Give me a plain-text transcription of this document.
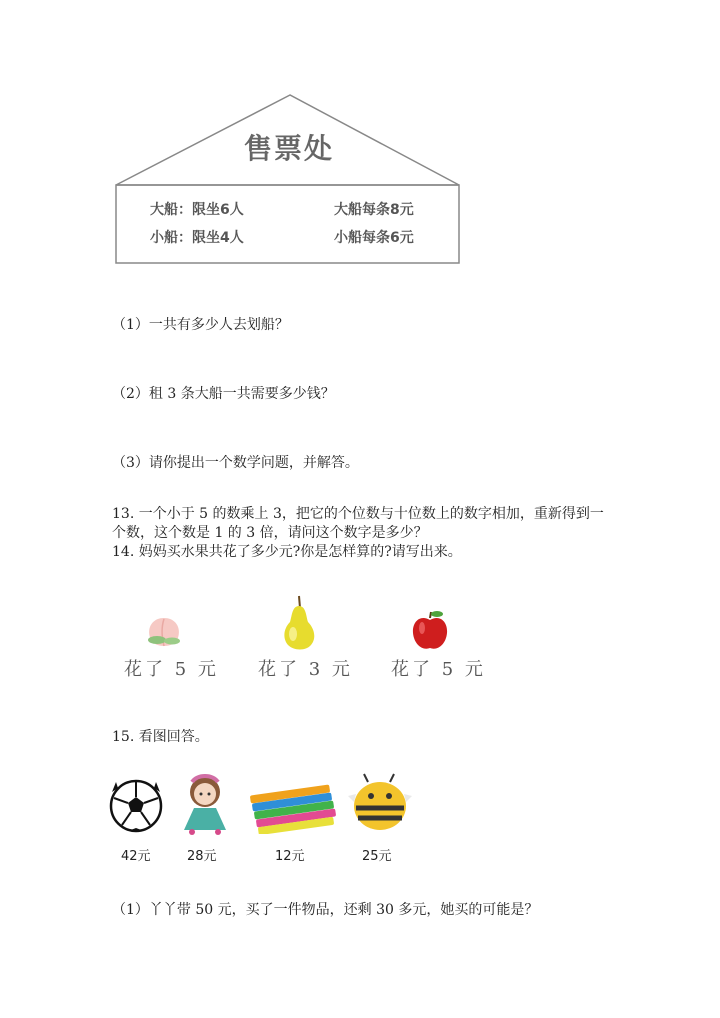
售票处
大船：限坐6人	大船每条8元
小船：限坐4人	小船每条6元
（1）一共有多少人去划船？
（2）租 3 条大船一共需要多少钱？
（3）请你提出一个数学问题，并解答。
13. 一个小于 5 的数乘上 3，把它的个位数与十位数上的数字相加，重新得到一
个数，这个数是 1 的 3 倍，请问这个数字是多少？
14. 妈妈买水果共花了多少元?你是怎样算的?请写出来。
花了 5 元 花了 3 元 花了 5 元
15. 看图回答。
42元	28元	12元	25元
（1）丫丫带 50 元，买了一件物品，还剩 30 多元，她买的可能是？
